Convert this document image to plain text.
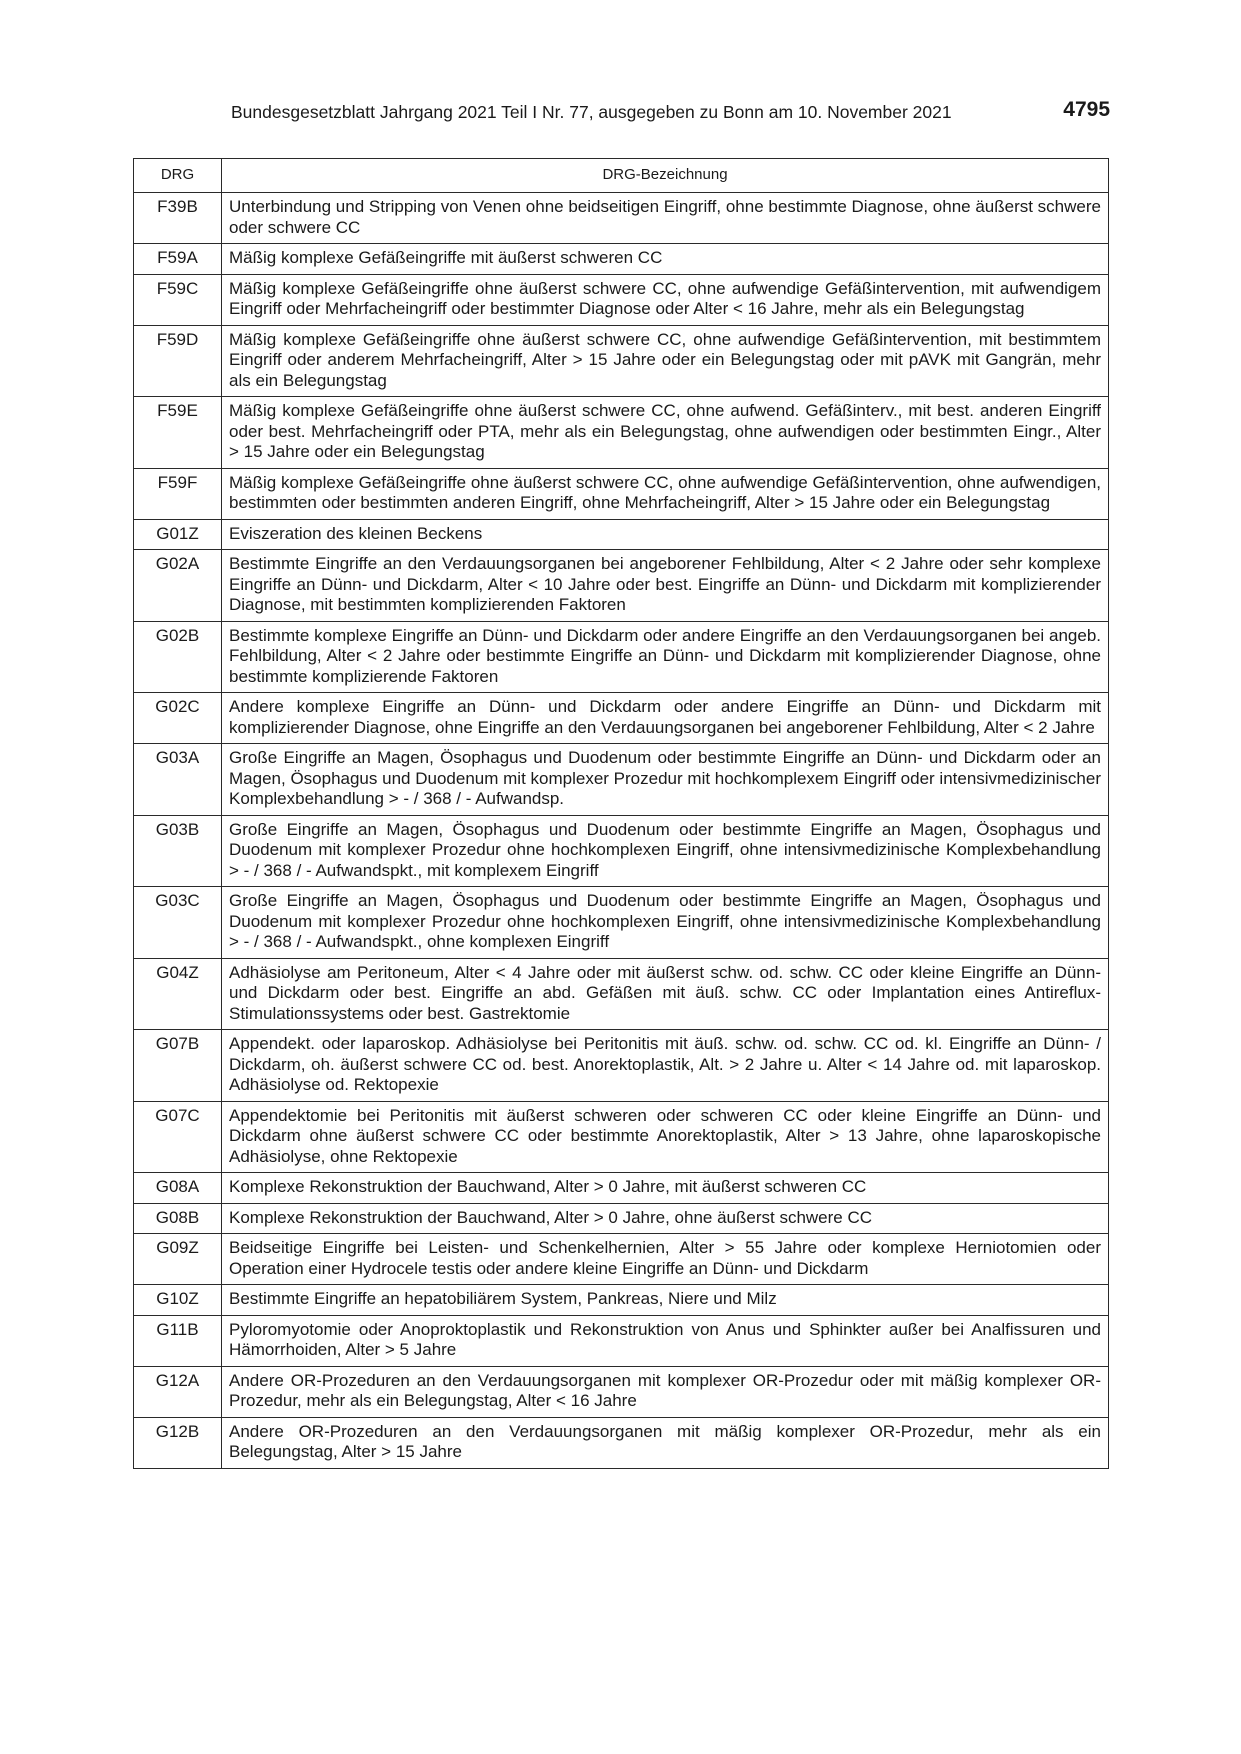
Bundesgesetzblatt Jahrgang 2021 Teil I Nr. 77, ausgegeben zu Bonn am 10. November 2021	4795
DRG	DRG-Bezeichnung
F39B	Unterbindung und Stripping von Venen ohne beidseitigen Eingriff, ohne bestimmte Diagnose, ohne äußerst schwere oder schwere CC
F59A	Mäßig komplexe Gefäßeingriffe mit äußerst schweren CC
F59C	Mäßig komplexe Gefäßeingriffe ohne äußerst schwere CC, ohne aufwendige Gefäßintervention, mit aufwendigem Eingriff oder Mehrfacheingriff oder bestimmter Diagnose oder Alter < 16 Jahre, mehr als ein Belegungstag
F59D	Mäßig komplexe Gefäßeingriffe ohne äußerst schwere CC, ohne aufwendige Gefäßintervention, mit bestimmtem Eingriff oder anderem Mehrfacheingriff, Alter > 15 Jahre oder ein Belegungstag oder mit pAVK mit Gangrän, mehr als ein Belegungstag
F59E	Mäßig komplexe Gefäßeingriffe ohne äußerst schwere CC, ohne aufwend. Gefäßinterv., mit best. anderen Eingriff oder best. Mehrfacheingriff oder PTA, mehr als ein Belegungstag, ohne aufwendigen oder bestimmten Eingr., Alter > 15 Jahre oder ein Belegungstag
F59F	Mäßig komplexe Gefäßeingriffe ohne äußerst schwere CC, ohne aufwendige Gefäßintervention, ohne aufwendigen, bestimmten oder bestimmten anderen Eingriff, ohne Mehrfacheingriff, Alter > 15 Jahre oder ein Belegungstag
G01Z	Eviszeration des kleinen Beckens
G02A	Bestimmte Eingriffe an den Verdauungsorganen bei angeborener Fehlbildung, Alter < 2 Jahre oder sehr komplexe Eingriffe an Dünn- und Dickdarm, Alter < 10 Jahre oder best. Eingriffe an Dünn- und Dickdarm mit komplizierender Diagnose, mit bestimmten komplizierenden Faktoren
G02B	Bestimmte komplexe Eingriffe an Dünn- und Dickdarm oder andere Eingriffe an den Verdauungsorganen bei angeb. Fehlbildung, Alter < 2 Jahre oder bestimmte Eingriffe an Dünn- und Dickdarm mit komplizierender Diagnose, ohne bestimmte komplizierende Faktoren
G02C	Andere komplexe Eingriffe an Dünn- und Dickdarm oder andere Eingriffe an Dünn- und Dickdarm mit komplizierender Diagnose, ohne Eingriffe an den Verdauungsorganen bei angeborener Fehlbildung, Alter < 2 Jahre
G03A	Große Eingriffe an Magen, Ösophagus und Duodenum oder bestimmte Eingriffe an Dünn- und Dickdarm oder an Magen, Ösophagus und Duodenum mit komplexer Prozedur mit hochkomplexem Eingriff oder intensivmedizinischer Komplexbehandlung > - / 368 / - Aufwandsp.
G03B	Große Eingriffe an Magen, Ösophagus und Duodenum oder bestimmte Eingriffe an Magen, Ösophagus und Duodenum mit komplexer Prozedur ohne hochkomplexen Eingriff, ohne intensivmedizinische Komplexbehandlung > - / 368 / - Aufwandspkt., mit komplexem Eingriff
G03C	Große Eingriffe an Magen, Ösophagus und Duodenum oder bestimmte Eingriffe an Magen, Ösophagus und Duodenum mit komplexer Prozedur ohne hochkomplexen Eingriff, ohne intensivmedizinische Komplexbehandlung > - / 368 / - Aufwandspkt., ohne komplexen Eingriff
G04Z	Adhäsiolyse am Peritoneum, Alter < 4 Jahre oder mit äußerst schw. od. schw. CC oder kleine Eingriffe an Dünn- und Dickdarm oder best. Eingriffe an abd. Gefäßen mit äuß. schw. CC oder Implantation eines Antireflux-Stimulationssystems oder best. Gastrektomie
G07B	Appendekt. oder laparoskop. Adhäsiolyse bei Peritonitis mit äuß. schw. od. schw. CC od. kl. Eingriffe an Dünn- / Dickdarm, oh. äußerst schwere CC od. best. Anorektoplastik, Alt. > 2 Jahre u. Alter < 14 Jahre od. mit laparoskop. Adhäsiolyse od. Rektopexie
G07C	Appendektomie bei Peritonitis mit äußerst schweren oder schweren CC oder kleine Eingriffe an Dünn- und Dickdarm ohne äußerst schwere CC oder bestimmte Anorektoplastik, Alter > 13 Jahre, ohne laparoskopische Adhäsiolyse, ohne Rektopexie
G08A	Komplexe Rekonstruktion der Bauchwand, Alter > 0 Jahre, mit äußerst schweren CC
G08B	Komplexe Rekonstruktion der Bauchwand, Alter > 0 Jahre, ohne äußerst schwere CC
G09Z	Beidseitige Eingriffe bei Leisten- und Schenkelhernien, Alter > 55 Jahre oder komplexe Herniotomien oder Operation einer Hydrocele testis oder andere kleine Eingriffe an Dünn- und Dickdarm
G10Z	Bestimmte Eingriffe an hepatobiliärem System, Pankreas, Niere und Milz
G11B	Pyloromyotomie oder Anoproktoplastik und Rekonstruktion von Anus und Sphinkter außer bei Analfissuren und Hämorrhoiden, Alter > 5 Jahre
G12A	Andere OR-Prozeduren an den Verdauungsorganen mit komplexer OR-Prozedur oder mit mäßig komplexer OR-Prozedur, mehr als ein Belegungstag, Alter < 16 Jahre
G12B	Andere OR-Prozeduren an den Verdauungsorganen mit mäßig komplexer OR-Prozedur, mehr als ein Belegungstag, Alter > 15 Jahre
